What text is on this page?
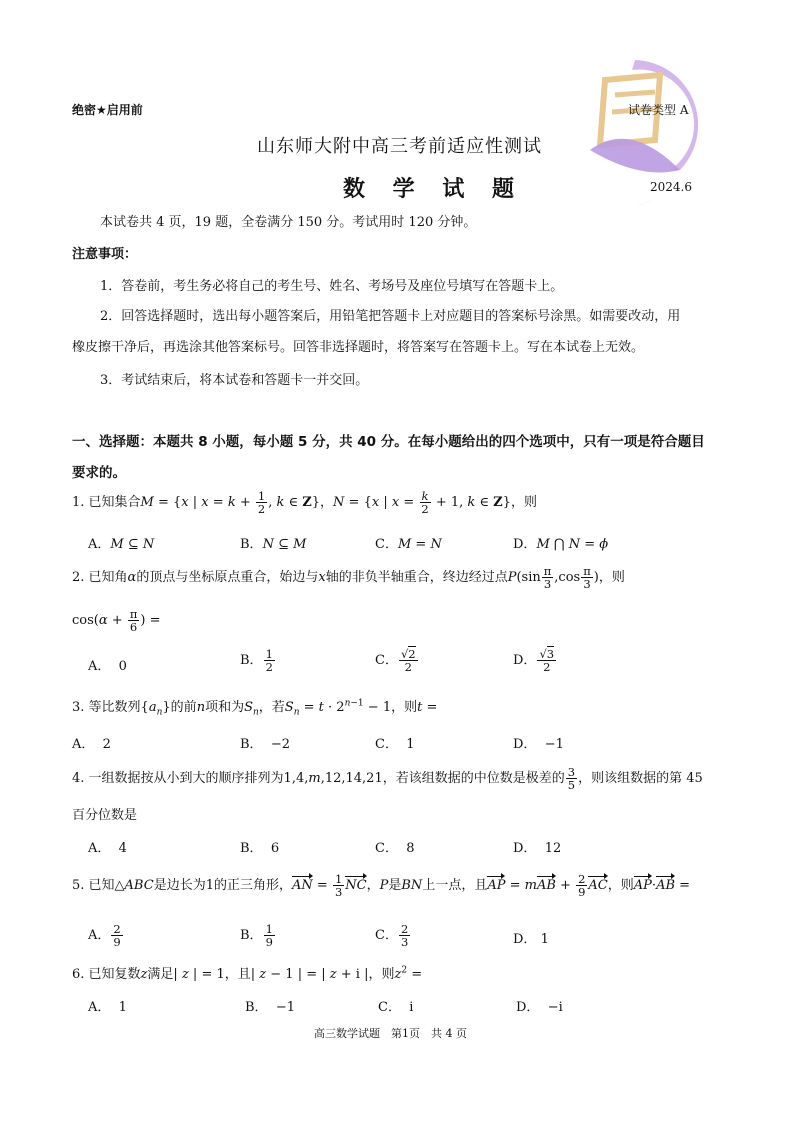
绝密★启用前	试卷类型 A
山东师大附中高三考前适应性测试
数 学 试 题	2024.6
本试卷共 4 页，19 题，全卷满分 150 分。考试用时 120 分钟。
注意事项：
1．答卷前，考生务必将自己的考生号、姓名、考场号及座位号填写在答题卡上。
2．回答选择题时，选出每小题答案后，用铅笔把答题卡上对应题目的答案标号涂黑。如需要改动，用
橡皮擦干净后，再选涂其他答案标号。回答非选择题时，将答案写在答题卡上。写在本试卷上无效。
3．考试结束后，将本试卷和答题卡一并交回。
一、选择题：本题共 8 小题，每小题 5 分，共 40 分。在每小题给出的四个选项中，只有一项是符合题目
要求的。
1. 已知集合M = {x | $x = k + \frac{1}{2}$ , k ∈ Z}，N = {x | $x = \frac{k}{2} + 1$, k ∈ Z}，则
A．M ⊆ N	B．N ⊆ M	C．M = N	D．M ⋂ N = ϕ
2. 已知角α的顶点与坐标原点重合，始边与x轴的非负半轴重合，终边经过点$P(\sin \frac{\pi}{3} ,\cos \frac{\pi}{3}$ )，则
$\cos(\alpha + \frac{\pi}{6}$ ) =
A． 0	B． $\frac{1}{2}$	C． $\frac{√2}{2}$	D． $\frac{√3}{2}$
3. 等比数列$\{a_n\}$的前n项和为$S_n$，若$S_n = t \cdot 2^{n-1} - 1$，则t =
A． 2	B． −2	C． 1	D． −1
4. 一组数据按从小到大的顺序排列为1,4,m,12,14,21，若该组数据的中位数是极差的 $\frac{3}{5}$ ，则该组数据的第 45
百分位数是
A． 4	B． 6	C． 8	D． 12
5. 已知△ABC是边长为1的正三角形，AN = $\frac{1}{3}$ NC，P是BN上一点，且AP = mAB + $\frac{2}{9}$ AC，则AP·AB =
A． $\frac{2}{9}$	B． $\frac{1}{9}$	C． $\frac{2}{3}$	D． 1
6. 已知复数z满足| z | = 1，且| z − 1 | = | z + i |，则$z^2$ =
A． 1	B． −1	C． i	D． −i
高三数学试题　第1页　共 4 页
